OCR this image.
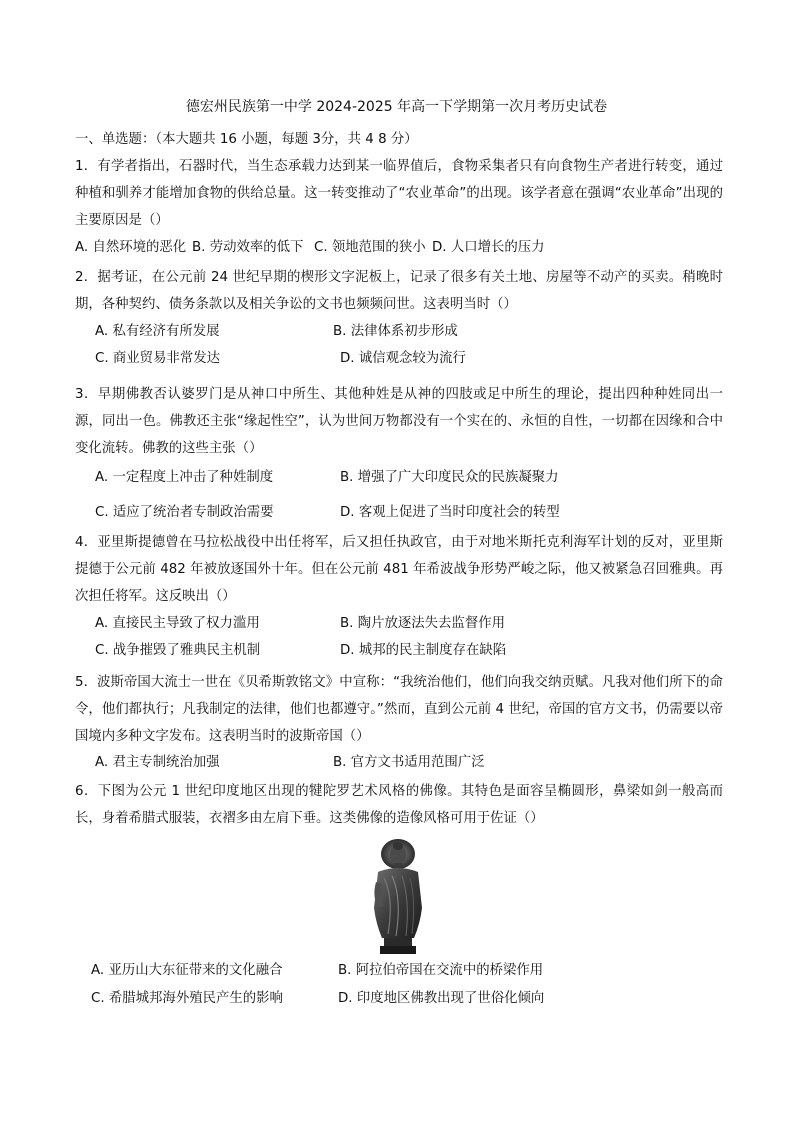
德宏州民族第一中学 2024-2025 年高一下学期第一次月考历史试卷
一、单选题：（本大题共 16 小题，每题 3分，共 4 8 分）
1．有学者指出，石器时代，当生态承载力达到某一临界值后，食物采集者只有向食物生产者进行转变，通过种植和驯养才能增加食物的供给总量。这一转变推动了“农业革命”的出现。该学者意在强调“农业革命”出现的主要原因是（）
A. 自然环境的恶化 B. 劳动效率的低下 C. 领地范围的狭小 D. 人口增长的压力
2．据考证，在公元前 24 世纪早期的楔形文字泥板上，记录了很多有关土地、房屋等不动产的买卖。稍晚时期，各种契约、债务条款以及相关争讼的文书也频频问世。这表明当时（）
A. 私有经济有所发展	B. 法律体系初步形成
C. 商业贸易非常发达	D. 诚信观念较为流行
3．早期佛教否认婆罗门是从神口中所生、其他种姓是从神的四肢或足中所生的理论，提出四种种姓同出一源，同出一色。佛教还主张“缘起性空”，认为世间万物都没有一个实在的、永恒的自性，一切都在因缘和合中变化流转。佛教的这些主张（）
A. 一定程度上冲击了种姓制度	B. 增强了广大印度民众的民族凝聚力
C. 适应了统治者专制政治需要	D. 客观上促进了当时印度社会的转型
4．亚里斯提德曾在马拉松战役中出任将军，后又担任执政官，由于对地米斯托克利海军计划的反对，亚里斯提德于公元前 482 年被放逐国外十年。但在公元前 481 年希波战争形势严峻之际，他又被紧急召回雅典。再次担任将军。这反映出（）
A. 直接民主导致了权力滥用	B. 陶片放逐法失去监督作用
C. 战争摧毁了雅典民主机制	D. 城邦的民主制度存在缺陷
5．波斯帝国大流士一世在《贝希斯敦铭文》中宣称：“我统治他们，他们向我交纳贡赋。凡我对他们所下的命令，他们都执行；凡我制定的法律，他们也都遵守。”然而，直到公元前 4 世纪，帝国的官方文书，仍需要以帝国境内多种文字发布。这表明当时的波斯帝国（）
A. 君主专制统治加强	B. 官方文书适用范围广泛
6．下图为公元 1 世纪印度地区出现的犍陀罗艺术风格的佛像。其特色是面容呈椭圆形，鼻梁如剑一般高而长，身着希腊式服装，衣褶多由左肩下垂。这类佛像的造像风格可用于佐证（）
A. 亚历山大东征带来的文化融合	B. 阿拉伯帝国在交流中的桥梁作用
C. 希腊城邦海外殖民产生的影响	D. 印度地区佛教出现了世俗化倾向
